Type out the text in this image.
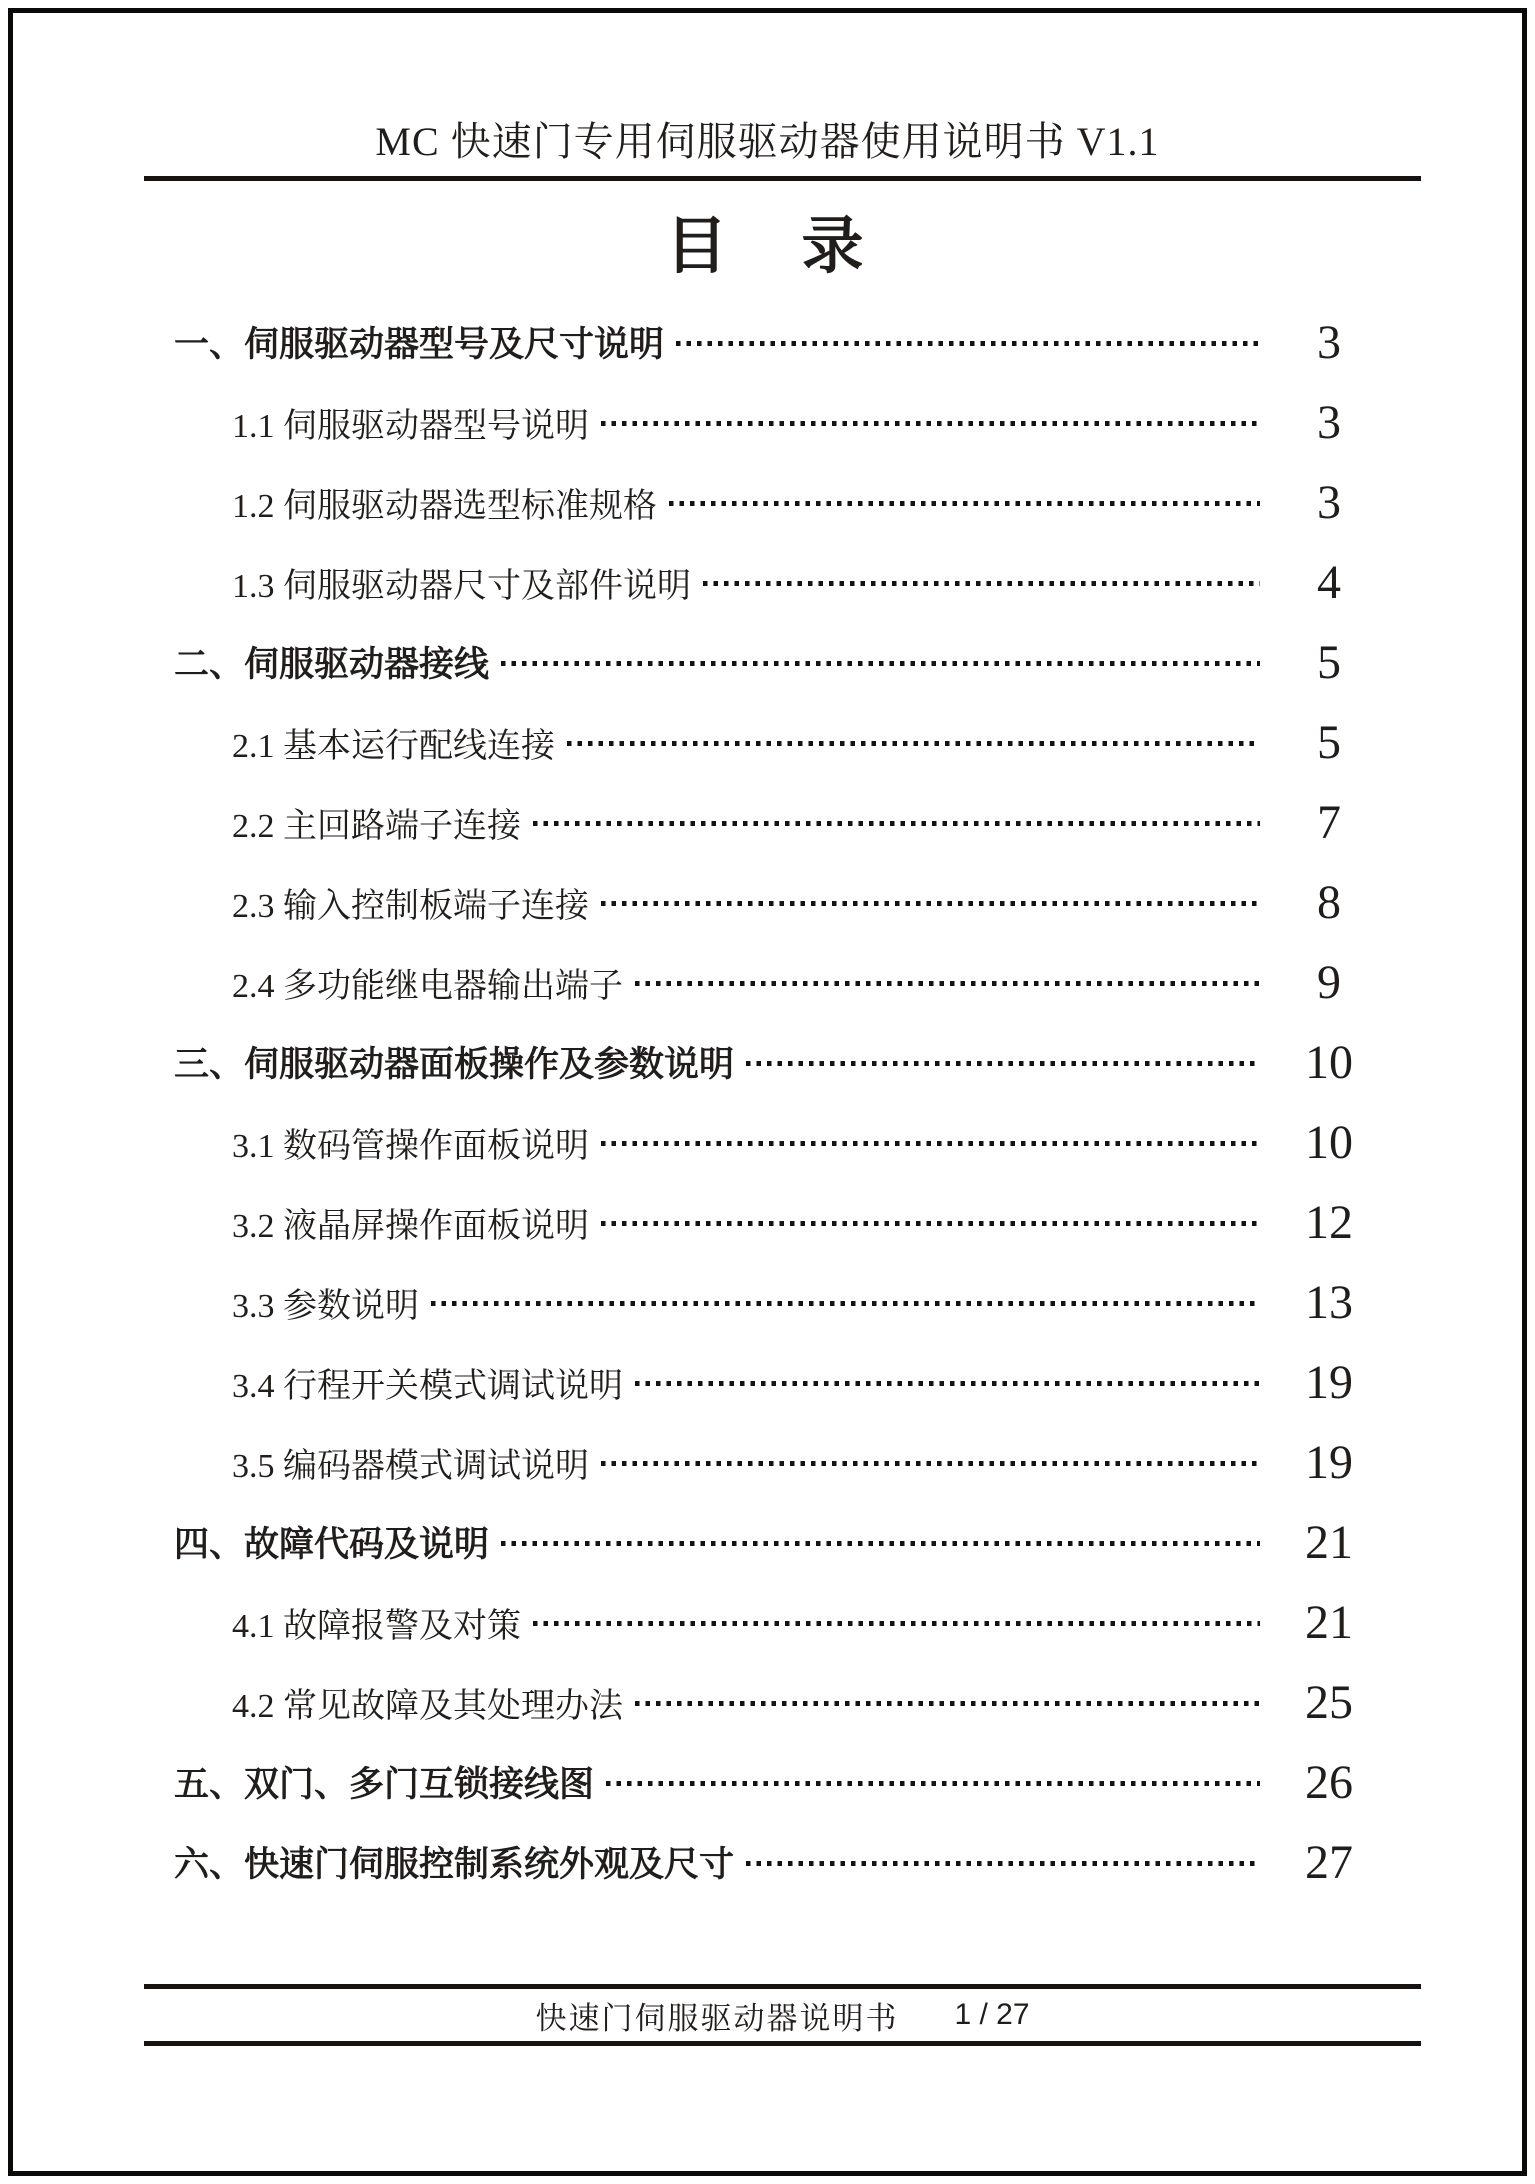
MC 快速门专用伺服驱动器使用说明书 V1.1
目　录
一、伺服驱动器型号及尺寸说明	3
1.1 伺服驱动器型号说明	3
1.2 伺服驱动器选型标准规格	3
1.3 伺服驱动器尺寸及部件说明	4
二、伺服驱动器接线	5
2.1 基本运行配线连接	5
2.2 主回路端子连接	7
2.3 输入控制板端子连接	8
2.4 多功能继电器输出端子	9
三、伺服驱动器面板操作及参数说明	10
3.1 数码管操作面板说明	10
3.2 液晶屏操作面板说明	12
3.3 参数说明	13
3.4 行程开关模式调试说明	19
3.5 编码器模式调试说明	19
四、故障代码及说明	21
4.1 故障报警及对策	21
4.2 常见故障及其处理办法	25
五、双门、多门互锁接线图	26
六、快速门伺服控制系统外观及尺寸	27
快速门伺服驱动器说明书 1 / 27
